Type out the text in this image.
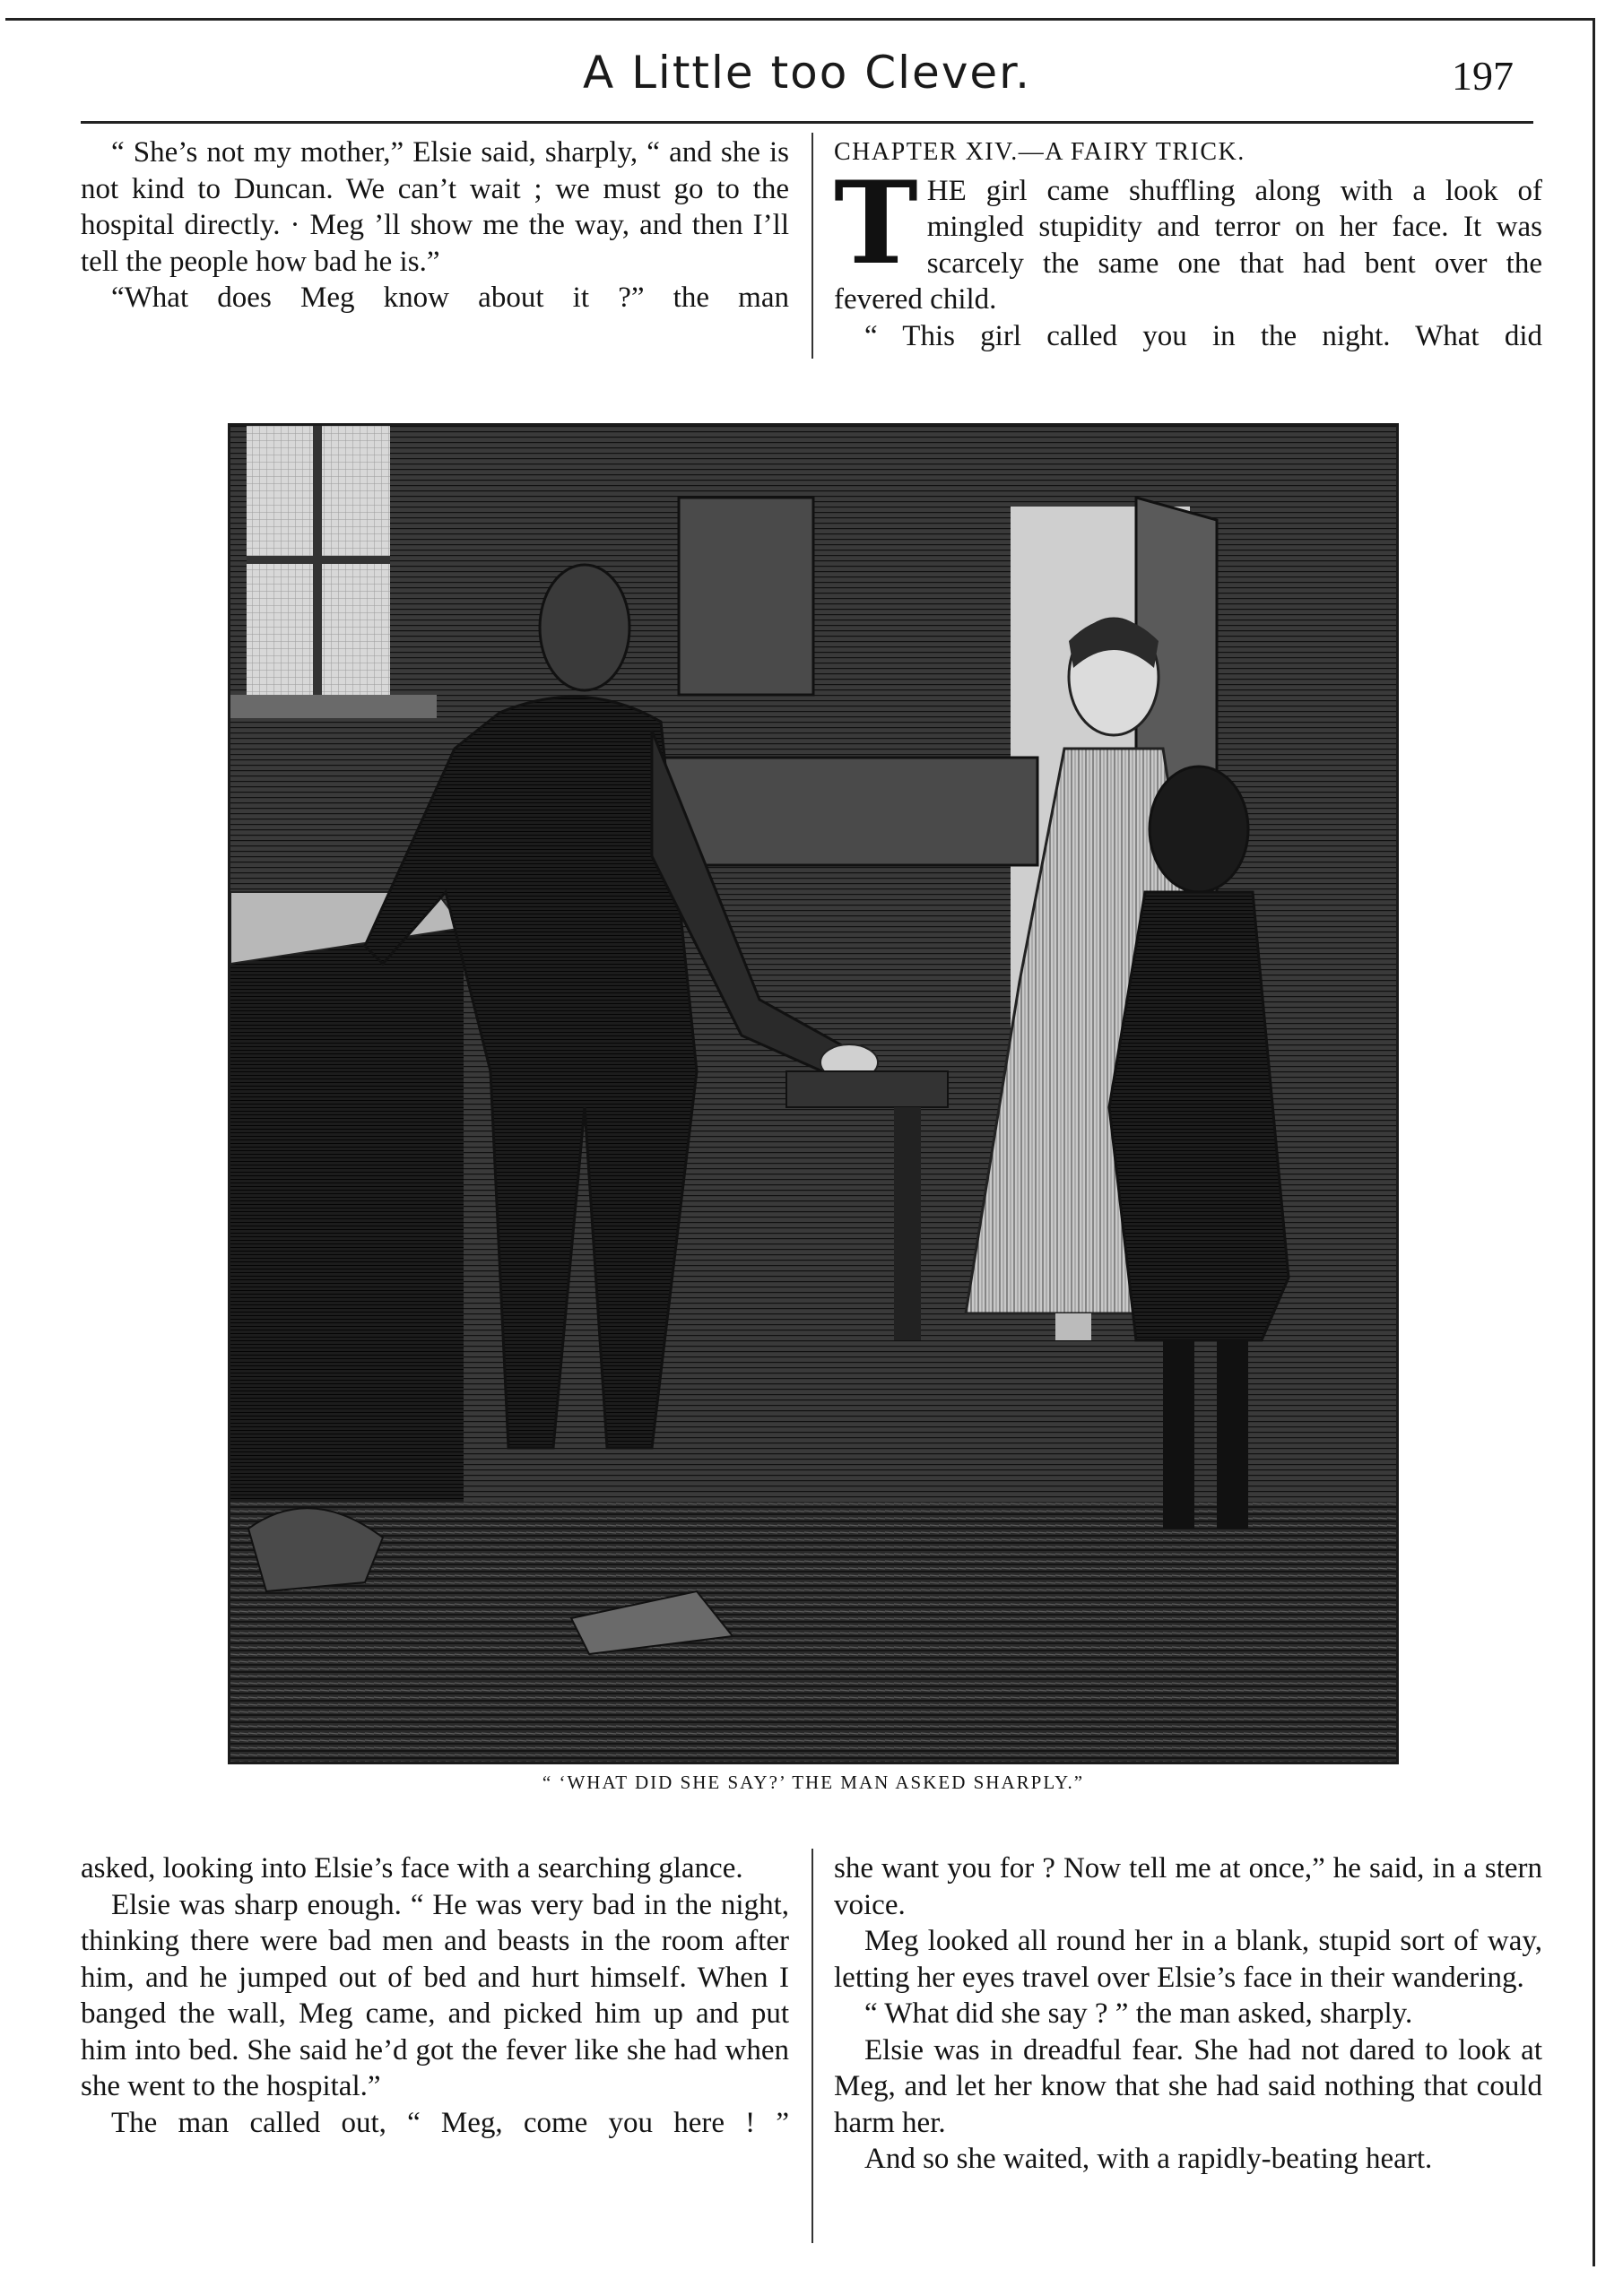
A Little too Clever.	197

“ She’s not my mother,” Elsie said, sharply, “ and she is not kind to Duncan. We can’t wait ; we must go to the hospital directly. · Meg ’ll show me the way, and then I’ll tell the people how bad he is.”

“What does Meg know about it ?” the man

CHAPTER XIV.—A FAIRY TRICK.

THE girl came shuffling along with a look of mingled stupidity and terror on her face. It was scarcely the same one that had bent over the fevered child.

“ This girl called you in the night. What did

“ ‘WHAT DID SHE SAY?’ THE MAN ASKED SHARPLY.”

asked, looking into Elsie’s face with a searching glance.

Elsie was sharp enough. “ He was very bad in the night, thinking there were bad men and beasts in the room after him, and he jumped out of bed and hurt himself. When I banged the wall, Meg came, and picked him up and put him into bed. She said he’d got the fever like she had when she went to the hospital.”

The man called out, “ Meg, come you here ! ”

she want you for ? Now tell me at once,” he said, in a stern voice.

Meg looked all round her in a blank, stupid sort of way, letting her eyes travel over Elsie’s face in their wandering.

“ What did she say ? ” the man asked, sharply.

Elsie was in dreadful fear. She had not dared to look at Meg, and let her know that she had said nothing that could harm her.

And so she waited, with a rapidly-beating heart.
